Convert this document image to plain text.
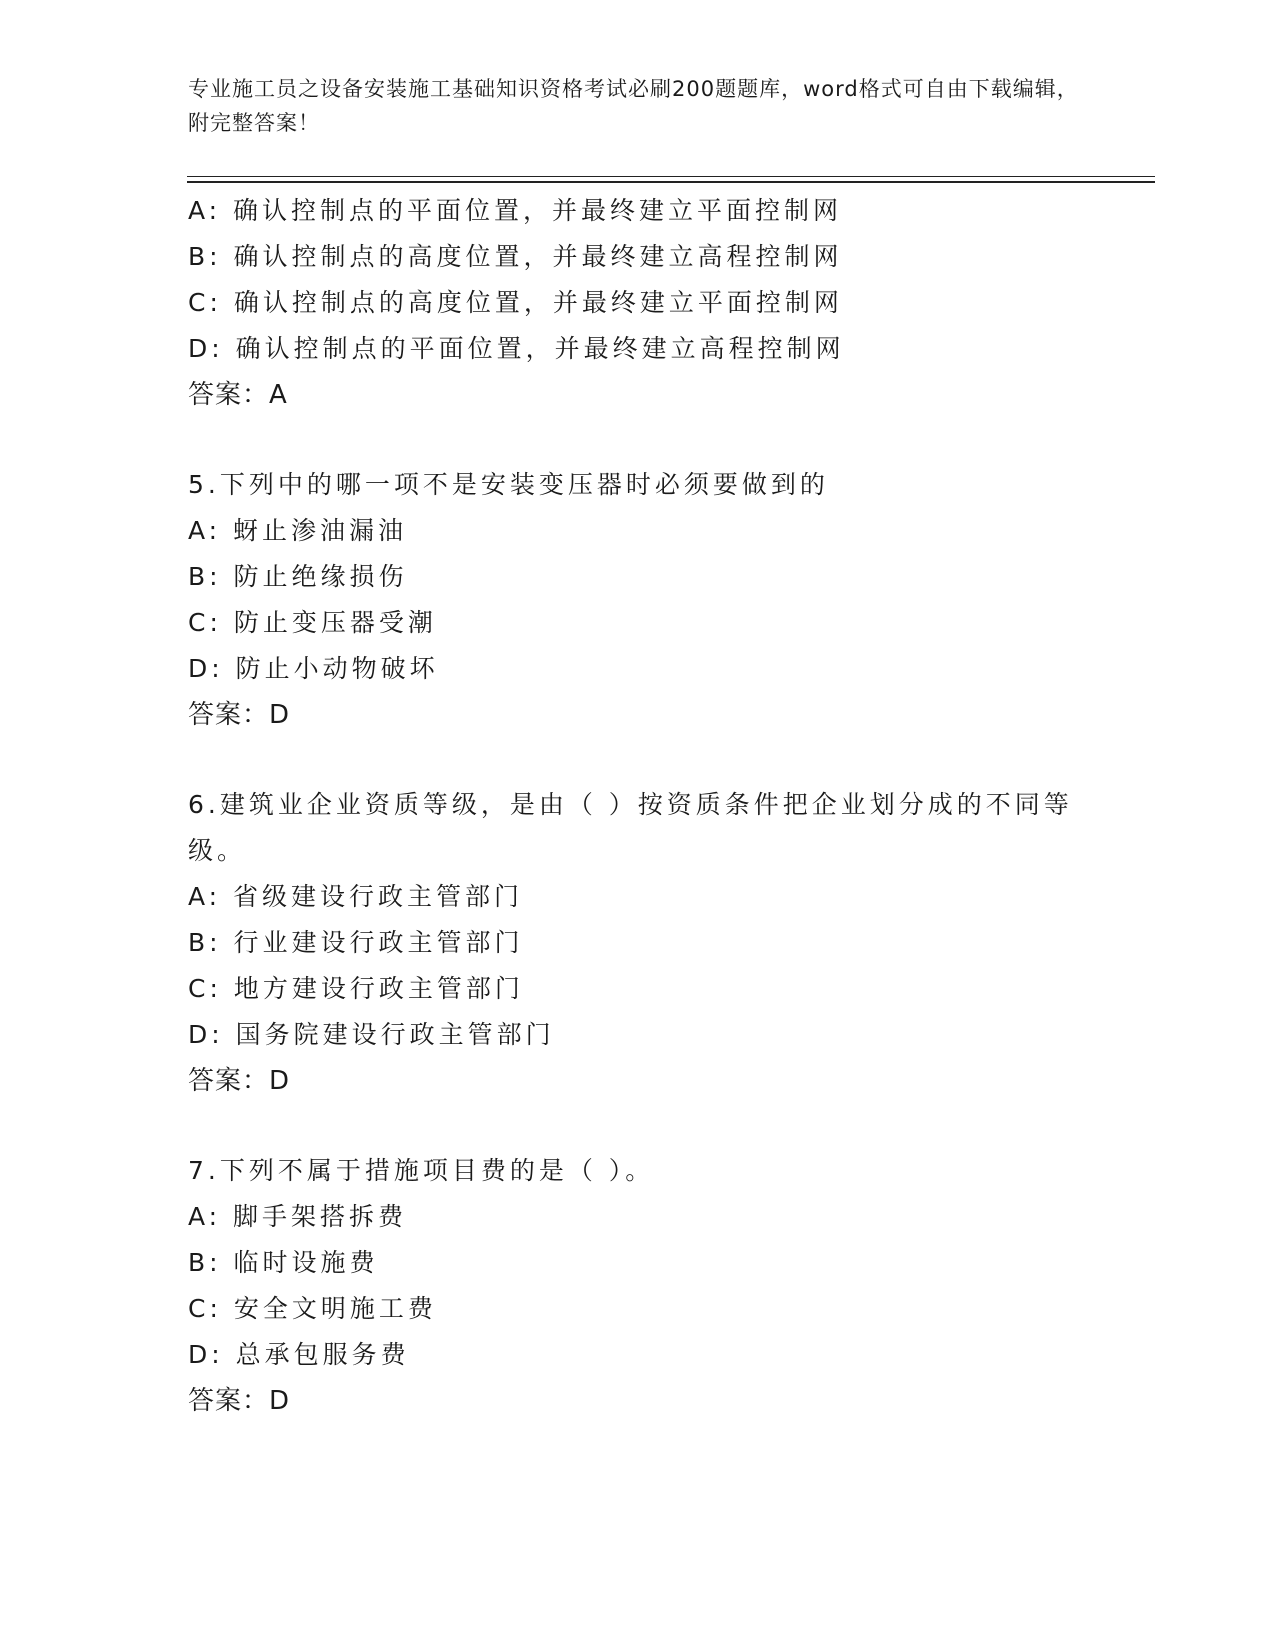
专业施工员之设备安装施工基础知识资格考试必刷200题题库，word格式可自由下载编辑，附完整答案！
A: 确认控制点的平面位置，并最终建立平面控制网
B: 确认控制点的高度位置，并最终建立高程控制网
C: 确认控制点的高度位置，并最终建立平面控制网
D: 确认控制点的平面位置，并最终建立高程控制网
答案：A
5.下列中的哪一项不是安装变压器时必须要做到的
A: 蚜止渗油漏油
B: 防止绝缘损伤
C: 防止变压器受潮
D: 防止小动物破坏
答案：D
6.建筑业企业资质等级，是由（ ）按资质条件把企业划分成的不同等级。
A: 省级建设行政主管部门
B: 行业建设行政主管部门
C: 地方建设行政主管部门
D: 国务院建设行政主管部门
答案：D
7.下列不属于措施项目费的是（ ）。
A: 脚手架搭拆费
B: 临时设施费
C: 安全文明施工费
D: 总承包服务费
答案：D
